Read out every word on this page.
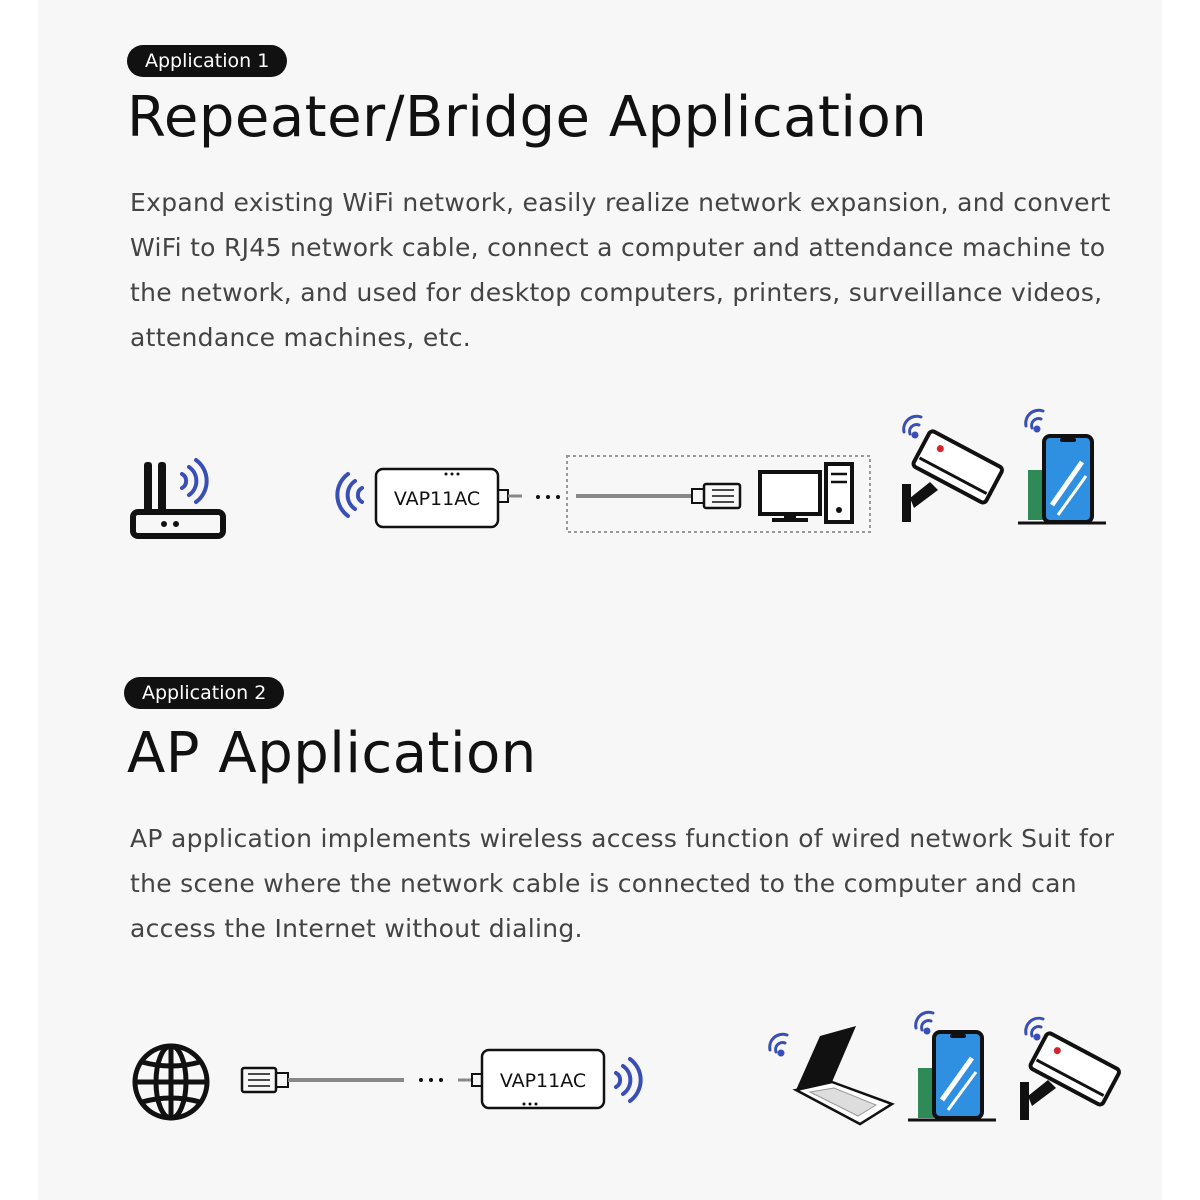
Application 1
Repeater/Bridge Application

Expand existing WiFi network, easily realize network expansion, and convert WiFi to RJ45 network cable, connect a computer and attendance machine to the network, and used for desktop computers, printers, surveillance videos, attendance machines, etc.

VAP11AC
Application 2
AP Application

AP application implements wireless access function of wired network Suit for the scene where the network cable is connected to the computer and can access the Internet without dialing.

VAP11AC
